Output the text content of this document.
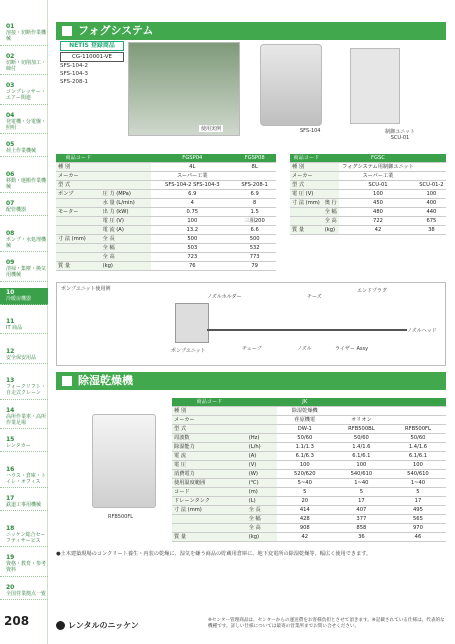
01
溶接・切断作業機械
02
切断・切削加工・締付
03
コンプレッサー・エアー関連
04
発電機・分電盤・照明
05
荷上作業機械
06
移動・運搬作業機械
07
配管機器
08
ポンプ・水処理機械
09
清掃・集塵・換気用機械
10
冷暖房機器
11
IT 商品
12
安全保安用品
13
フォークリフト・自走式クレーン
14
高所作業車・高所作業足場
15
レンタカー
16
ハウス・倉庫・トイレ・オフィス
17
鉄道工事用機械
18
ニッケン総合セーフティサービス
19
資格・教育・参考資料
20
全国営業拠点一覧
208
フォグシステム
NETIS 登録商品
CG-110001-VE
SFS-104-2
SFS-104-3
SFS-208-1
使用実例	SFS-104	制御ユニット SCU-01
商品コード		FGSP04	FGSP08
種 別		4L	8L
メーカー		スーパー工業	
型 式		SFS-104-2 SFS-104-3	SFS-208-1
ポンプ	圧 力 (MPa)	6.9	6.9
	水 量 (L/min)	4	8
モーター	出 力 (kW)	0.75	1.5
	電 圧 (V)	100	三相200
	電 流 (A)	13.2	6.6
寸 法 (mm)	全 長	500	500
	全 幅	503	532
	全 高	723	773
質 量	(kg)	76	79
商品コード		FGSC	
種 別		フォグシステム用制御ユニット	
メーカー		スーパー工業	
型 式		SCU-01	SCU-01-2
電 圧 (V)		100	100
寸 法 (mm)	奥 行	450	400
	全 幅	480	440
	全 高	722	675
質 量	(kg)	42	38
ポンプユニット使用例
ノズルホルダー	チーズ
エンドプラグ
ポンプユニット	チューブ	ノズル	ライザー Assy
ノズルヘッド
除湿乾燥機
RFB500FL
商品コード		JK		
種 別		除湿乾燥機		
メーカー		荏原機電	オリオン	
型 式		DW-1	RFB500BL	RFB500FL
周波数	(Hz)	50/60	50/60	50/60
除湿能力	(L/h)	1.1/1.3	1.4/1.6	1.4/1.6
電 流	(A)	6.1/6.3	6.1/6.1	6.1/6.1
電 圧	(V)	100	100	100
消費電力	(W)	520/620	540/610	540/610
使用温度範囲	(℃)	5~40	1~40	1~40
コード	(m)	5	5	5
ドレーンタンク	(L)	20	17	17
寸 法 (mm)	全 長	414	407	495
	全 幅	428	377	565
	全 高	908	858	970
質 量	(kg)	42	36	46
●土木建築現場のコンクリート養生・内装の乾燥に、湿気を嫌う商品の貯蔵用倉庫に、地下変電所の除湿乾燥等、幅広く使用できます。
レンタルのニッケン
※センター管理商品は、センターからの運送費をお客様負担とさせて頂きます。※記載されている仕様は、代表的な機種です。詳しい仕様については最寄の営業所までお問い合せください。
